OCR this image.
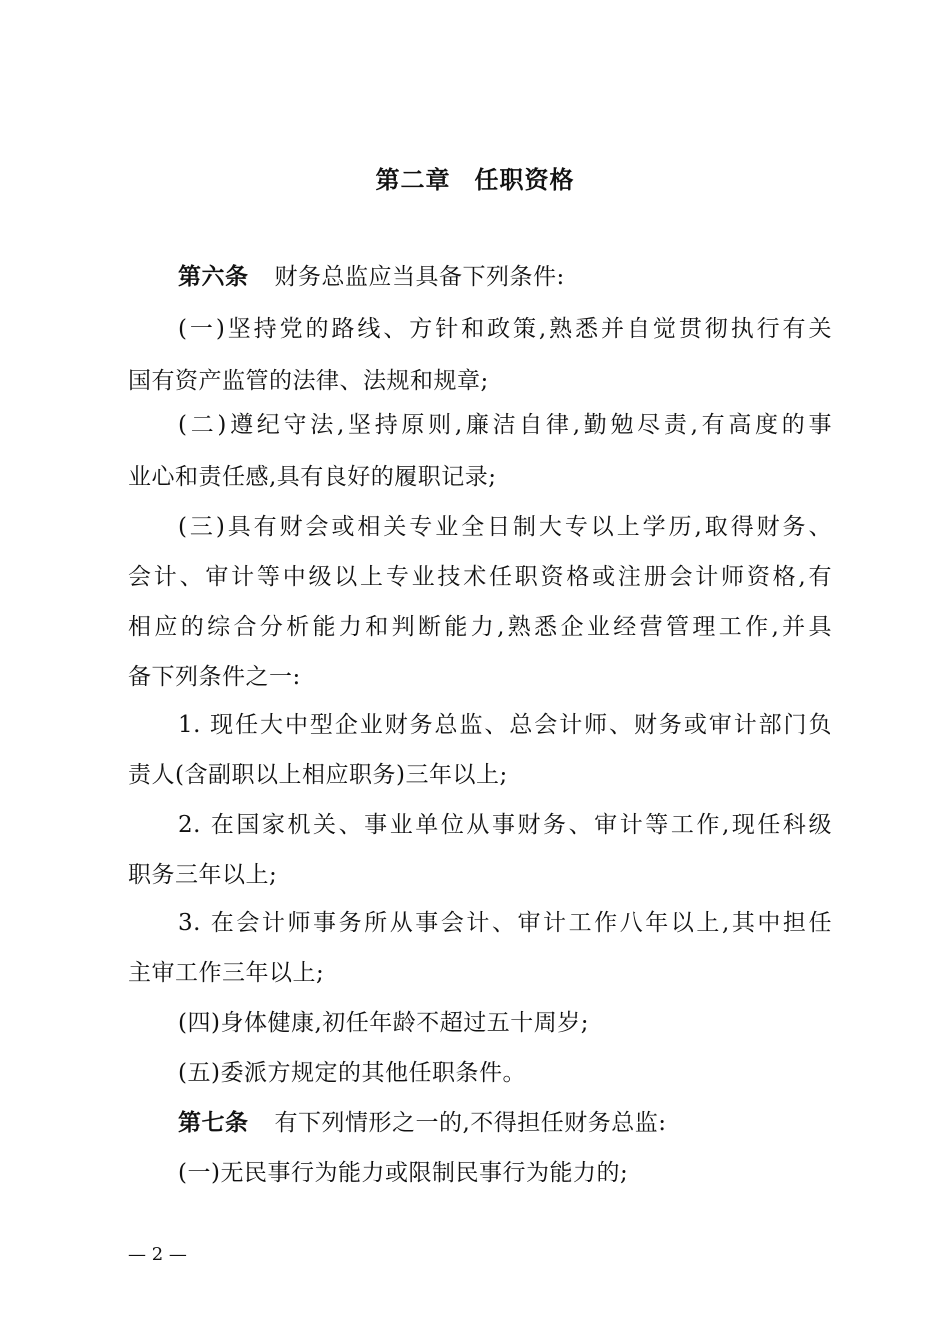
第二章 任职资格
第六条 财务总监应当具备下列条件:
(一)坚持党的路线、方针和政策,熟悉并自觉贯彻执行有关
国有资产监管的法律、法规和规章;
(二)遵纪守法,坚持原则,廉洁自律,勤勉尽责,有高度的事
业心和责任感,具有良好的履职记录;
(三)具有财会或相关专业全日制大专以上学历,取得财务、
会计、审计等中级以上专业技术任职资格或注册会计师资格,有
相应的综合分析能力和判断能力,熟悉企业经营管理工作,并具
备下列条件之一:
1. 现任大中型企业财务总监、总会计师、财务或审计部门负
责人(含副职以上相应职务)三年以上;
2. 在国家机关、事业单位从事财务、审计等工作,现任科级
职务三年以上;
3. 在会计师事务所从事会计、审计工作八年以上,其中担任
主审工作三年以上;
(四)身体健康,初任年龄不超过五十周岁;
(五)委派方规定的其他任职条件。
第七条 有下列情形之一的,不得担任财务总监:
(一)无民事行为能力或限制民事行为能力的;
— 2 —
